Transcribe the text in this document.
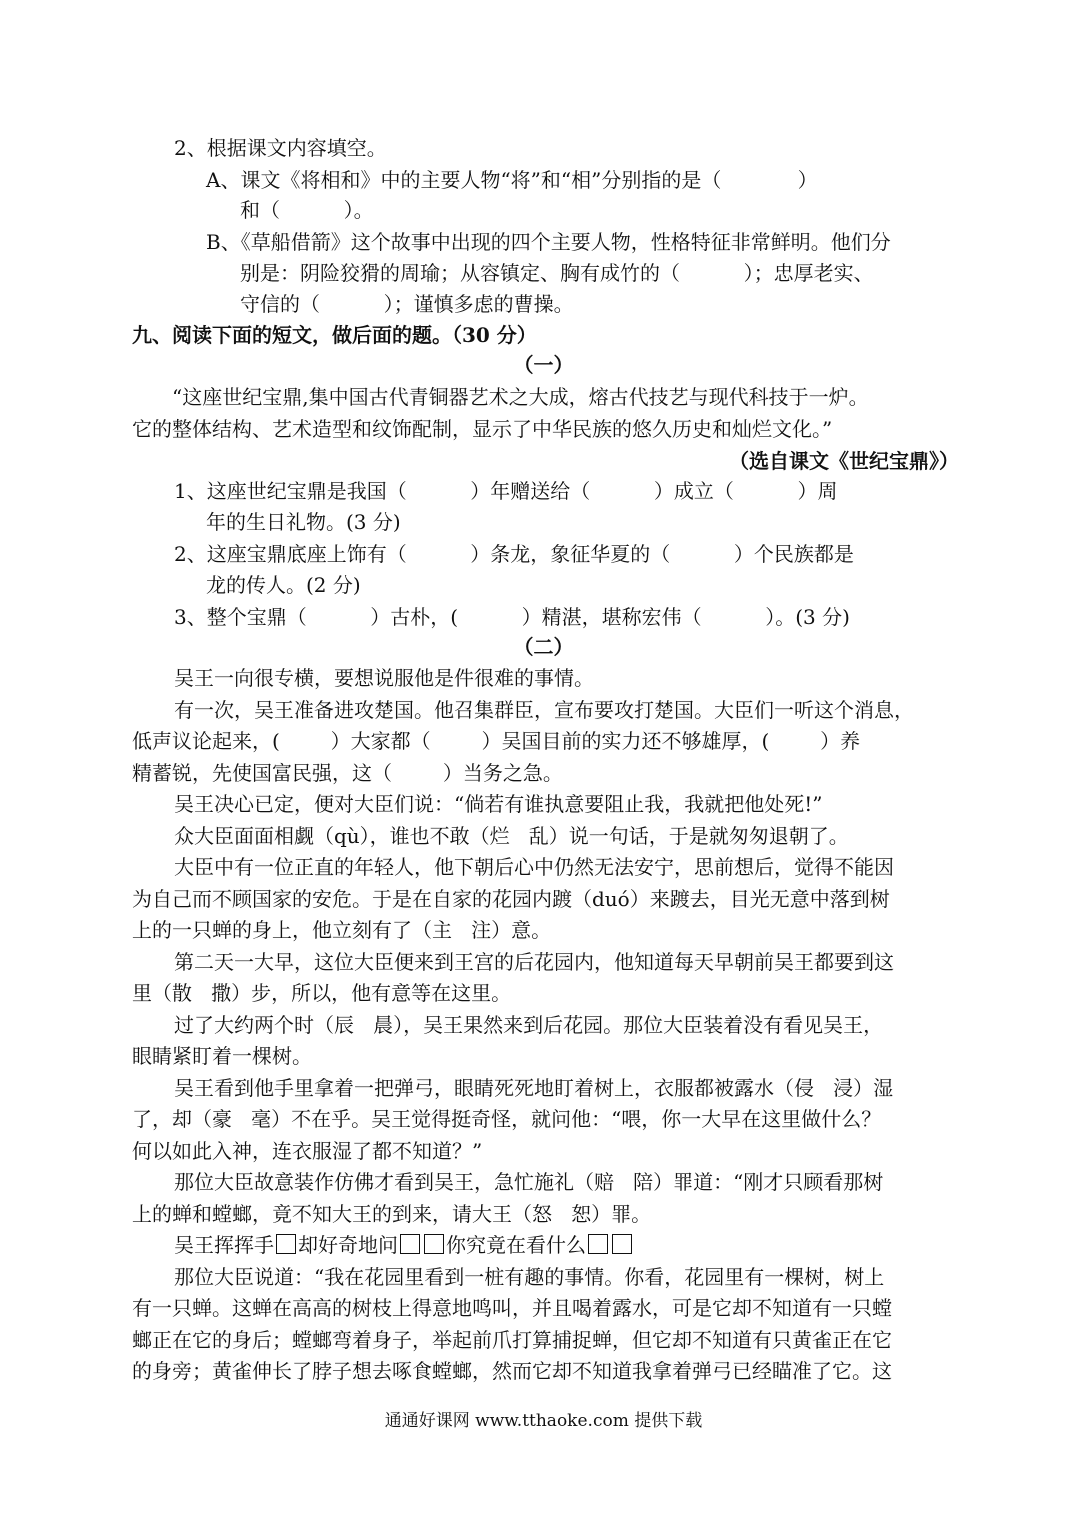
2、根据课文内容填空。
A、课文《将相和》中的主要人物“将”和“相”分别指的是（            ）
和（          ）。
B、《草船借箭》这个故事中出现的四个主要人物，性格特征非常鲜明。他们分
别是：阴险狡猾的周瑜；从容镇定、胸有成竹的（          ）；忠厚老实、
守信的（          ）；谨慎多虑的曹操。
九、阅读下面的短文，做后面的题。（30 分）
（一）
“这座世纪宝鼎,集中国古代青铜器艺术之大成，熔古代技艺与现代科技于一炉。
它的整体结构、艺术造型和纹饰配制，显示了中华民族的悠久历史和灿烂文化。”
（选自课文《世纪宝鼎》）
1、这座世纪宝鼎是我国（          ）年赠送给（          ）成立（          ）周
年的生日礼物。(3 分)
2、这座宝鼎底座上饰有（          ）条龙，象征华夏的（          ）个民族都是
龙的传人。(2 分)
3、整个宝鼎（          ）古朴，(          ）精湛，堪称宏伟（          ）。(3 分)
（二）
吴王一向很专横，要想说服他是件很难的事情。
有一次，吴王准备进攻楚国。他召集群臣，宣布要攻打楚国。大臣们一听这个消息，
低声议论起来，(        ）大家都（        ）吴国目前的实力还不够雄厚，(        ）养
精蓄锐，先使国富民强，这（        ）当务之急。
吴王决心已定，便对大臣们说：“倘若有谁执意要阻止我，我就把他处死!”
众大臣面面相觑（qù），谁也不敢（烂   乱）说一句话，于是就匆匆退朝了。
大臣中有一位正直的年轻人，他下朝后心中仍然无法安宁，思前想后，觉得不能因
为自己而不顾国家的安危。于是在自家的花园内踱（duó）来踱去，目光无意中落到树
上的一只蝉的身上，他立刻有了（主   注）意。
第二天一大早，这位大臣便来到王宫的后花园内，他知道每天早朝前吴王都要到这
里（散   撒）步，所以，他有意等在这里。
过了大约两个时（辰   晨），吴王果然来到后花园。那位大臣装着没有看见吴王，
眼睛紧盯着一棵树。
吴王看到他手里拿着一把弹弓，眼睛死死地盯着树上，衣服都被露水（侵   浸）湿
了，却（豪   毫）不在乎。吴王觉得挺奇怪，就问他：“喂，你一大早在这里做什么？
何以如此入神，连衣服湿了都不知道？”
那位大臣故意装作仿佛才看到吴王，急忙施礼（赔   陪）罪道：“刚才只顾看那树
上的蝉和螳螂，竟不知大王的到来，请大王（怒   恕）罪。
吴王挥挥手 却好奇地问 你究竟在看什么
那位大臣说道：“我在花园里看到一桩有趣的事情。你看，花园里有一棵树，树上
有一只蝉。这蝉在高高的树枝上得意地鸣叫，并且喝着露水，可是它却不知道有一只螳
螂正在它的身后；螳螂弯着身子，举起前爪打算捕捉蝉，但它却不知道有只黄雀正在它
的身旁；黄雀伸长了脖子想去啄食螳螂，然而它却不知道我拿着弹弓已经瞄准了它。这
通通好课网 www.tthaoke.com 提供下载
